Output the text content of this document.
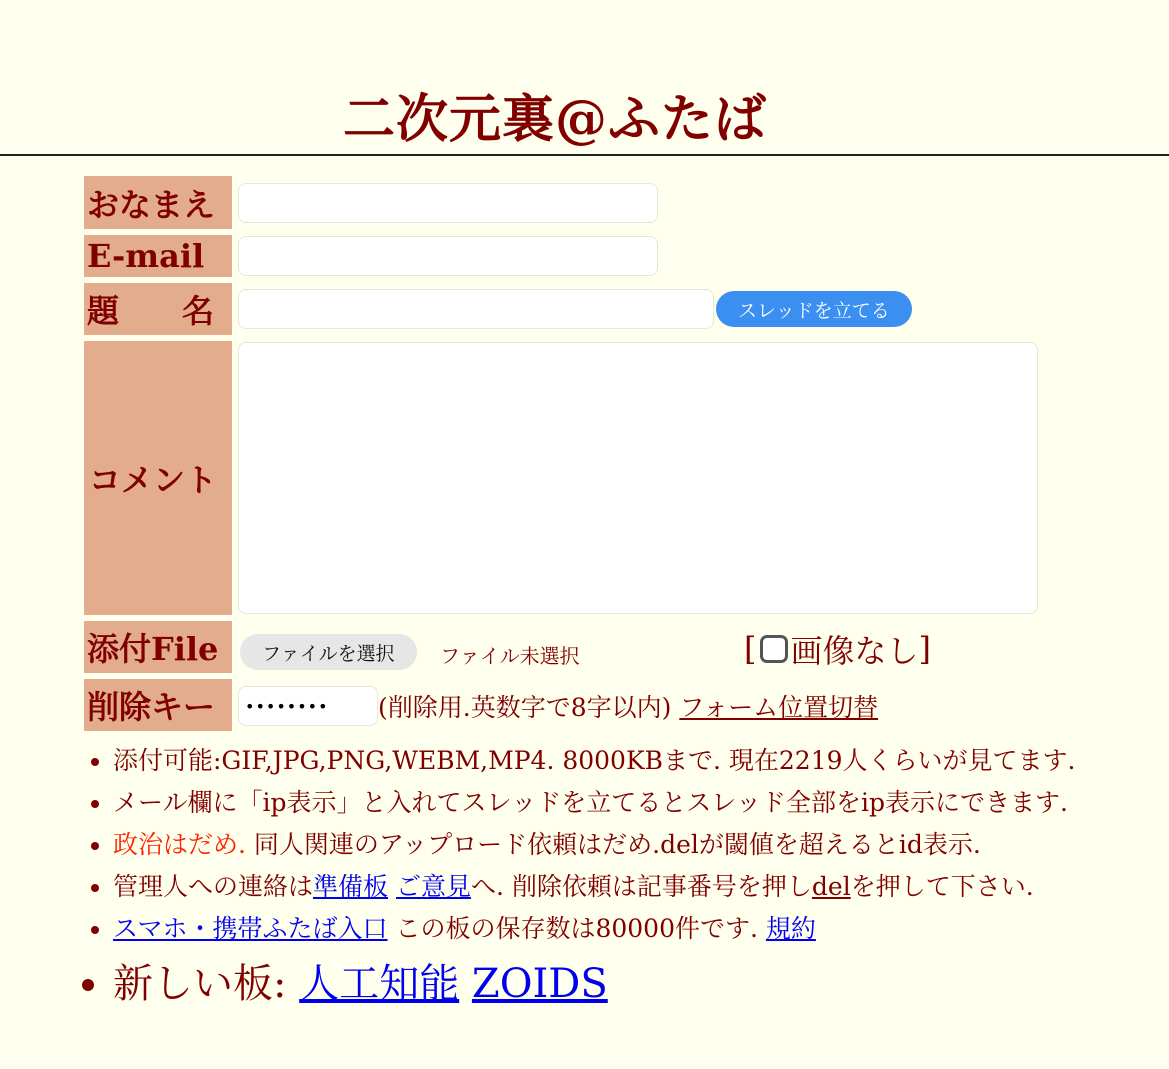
二次元裏@ふたば
おなまえ
E-mail
題 名	スレッドを立てる
コメント
添付File	ファイルを選択	ファイル未選択	[ 画像なし ]
削除キー •••••••• (削除用.英数字で8字以内) フォーム位置切替
• 添付可能:GIF,JPG,PNG,WEBM,MP4. 8000KBまで. 現在2219人くらいが見てます.
• メール欄に「ip表示」と入れてスレッドを立てるとスレッド全部をip表示にできます.
• 政治はだめ. 同人関連のアップロード依頼はだめ.delが閾値を超えるとid表示.
• 管理人への連絡は準備板 ご意見へ. 削除依頼は記事番号を押しdelを押して下さい.
• スマホ・携帯ふたば入口 この板の保存数は80000件です. 規約
• 新しい板: 人工知能 ZOIDS
